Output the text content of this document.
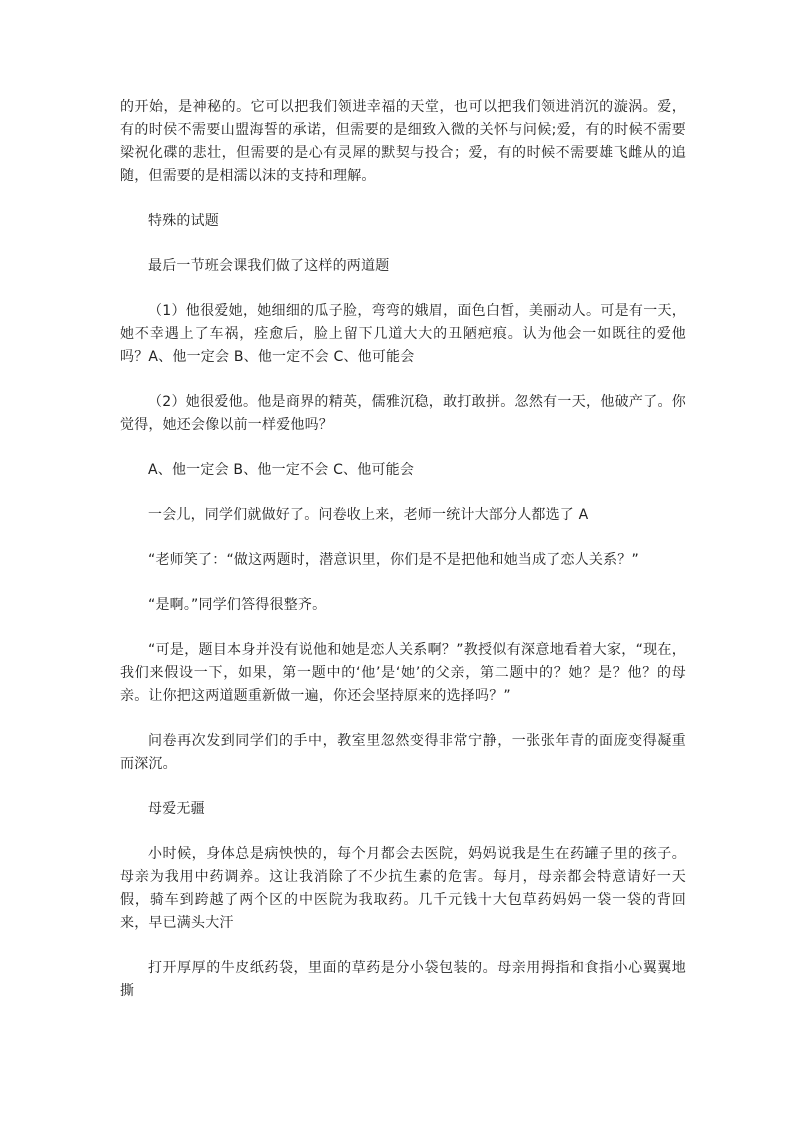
的开始，是神秘的。它可以把我们领进幸福的天堂，也可以把我们领进消沉的漩涡。爱，有的时侯不需要山盟海誓的承诺，但需要的是细致入微的关怀与问候;爱，有的时候不需要梁祝化碟的悲壮，但需要的是心有灵犀的默契与投合；爱，有的时候不需要雄飞雌从的追随，但需要的是相濡以沫的支持和理解。

特殊的试题

最后一节班会课我们做了这样的两道题

（1）他很爱她，她细细的瓜子脸，弯弯的娥眉，面色白皙，美丽动人。可是有一天，她不幸遇上了车祸，痊愈后，脸上留下几道大大的丑陋疤痕。认为他会一如既往的爱他吗？A、他一定会 B、他一定不会 C、他可能会

（2）她很爱他。他是商界的精英，儒雅沉稳，敢打敢拼。忽然有一天，他破产了。你觉得，她还会像以前一样爱他吗？

A、他一定会 B、他一定不会 C、他可能会

一会儿，同学们就做好了。问卷收上来，老师一统计大部分人都选了 A

“老师笑了：“做这两题时，潜意识里，你们是不是把他和她当成了恋人关系？”

“是啊。”同学们答得很整齐。

“可是，题目本身并没有说他和她是恋人关系啊？”教授似有深意地看着大家，“现在，我们来假设一下，如果，第一题中的‘他’是‘她’的父亲，第二题中的？她？是？他？的母亲。让你把这两道题重新做一遍，你还会坚持原来的选择吗？”

问卷再次发到同学们的手中，教室里忽然变得非常宁静，一张张年青的面庞变得凝重而深沉。

母爱无疆

小时候，身体总是病怏怏的，每个月都会去医院，妈妈说我是生在药罐子里的孩子。母亲为我用中药调养。这让我消除了不少抗生素的危害。每月，母亲都会特意请好一天假，骑车到跨越了两个区的中医院为我取药。几千元钱十大包草药妈妈一袋一袋的背回来，早已满头大汗

打开厚厚的牛皮纸药袋，里面的草药是分小袋包装的。母亲用拇指和食指小心翼翼地撕
